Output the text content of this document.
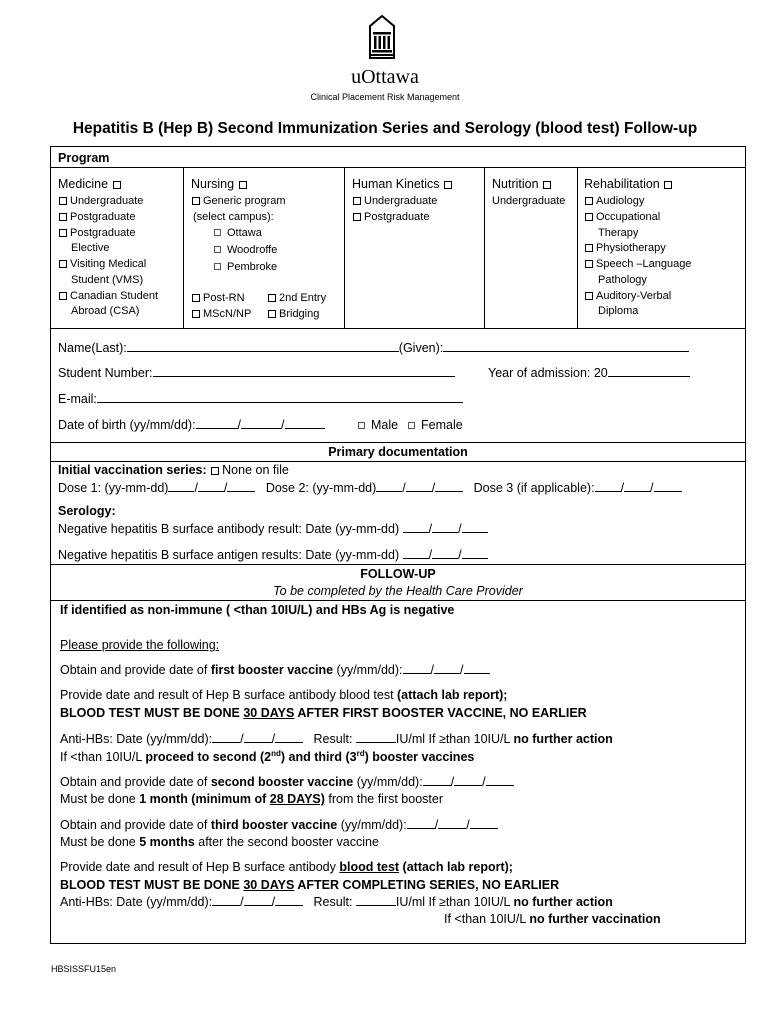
uOttawa
Clinical Placement Risk Management
Hepatitis B (Hep B) Second Immunization Series and Serology (blood test) Follow-up
Program
Medicine
Undergraduate
Postgraduate
Postgraduate
Elective
Visiting Medical
Student (VMS)
Canadian Student
Abroad (CSA)
Nursing
Generic program
(select campus):
Ottawa
Woodroffe
Pembroke
Post-RN	2nd Entry
MScN/NP	Bridging
Human Kinetics
Undergraduate
Postgraduate
Nutrition
Undergraduate
Rehabilitation
Audiology
Occupational
Therapy
Physiotherapy
Speech –Language
Pathology
Auditory-Verbal
Diploma
Name(Last):	(Given):
Student Number:	Year of admission: 20
E-mail:
Date of birth (yy/mm/dd):	/	/	Male	Female
Primary documentation
Initial vaccination series: None on file
Dose 1: (yy-mm-dd) / /	Dose 2: (yy-mm-dd) / /	Dose 3 (if applicable): / /
Serology:
Negative hepatitis B surface antibody result: Date (yy-mm-dd) / /
Negative hepatitis B surface antigen results: Date (yy-mm-dd) / /
FOLLOW-UP
To be completed by the Health Care Provider
If identified as non-immune ( <than 10IU/L) and HBs Ag is negative
Please provide the following:
Obtain and provide date of first booster vaccine (yy/mm/dd): / /
Provide date and result of Hep B surface antibody blood test (attach lab report);
BLOOD TEST MUST BE DONE 30 DAYS AFTER FIRST BOOSTER VACCINE, NO EARLIER
Anti-HBs: Date (yy/mm/dd): / /	Result:	IU/ml If ≥than 10IU/L no further action
If <than 10IU/L proceed to second (2nd) and third (3rd) booster vaccines
Obtain and provide date of second booster vaccine (yy/mm/dd): / /
Must be done 1 month (minimum of 28 DAYS) from the first booster
Obtain and provide date of third booster vaccine (yy/mm/dd): / /
Must be done 5 months after the second booster vaccine
Provide date and result of Hep B surface antibody blood test (attach lab report);
BLOOD TEST MUST BE DONE 30 DAYS AFTER COMPLETING SERIES, NO EARLIER
Anti-HBs: Date (yy/mm/dd): / /	Result:	IU/ml If ≥than 10IU/L no further action
If <than 10IU/L no further vaccination
HBSISSFU15en
